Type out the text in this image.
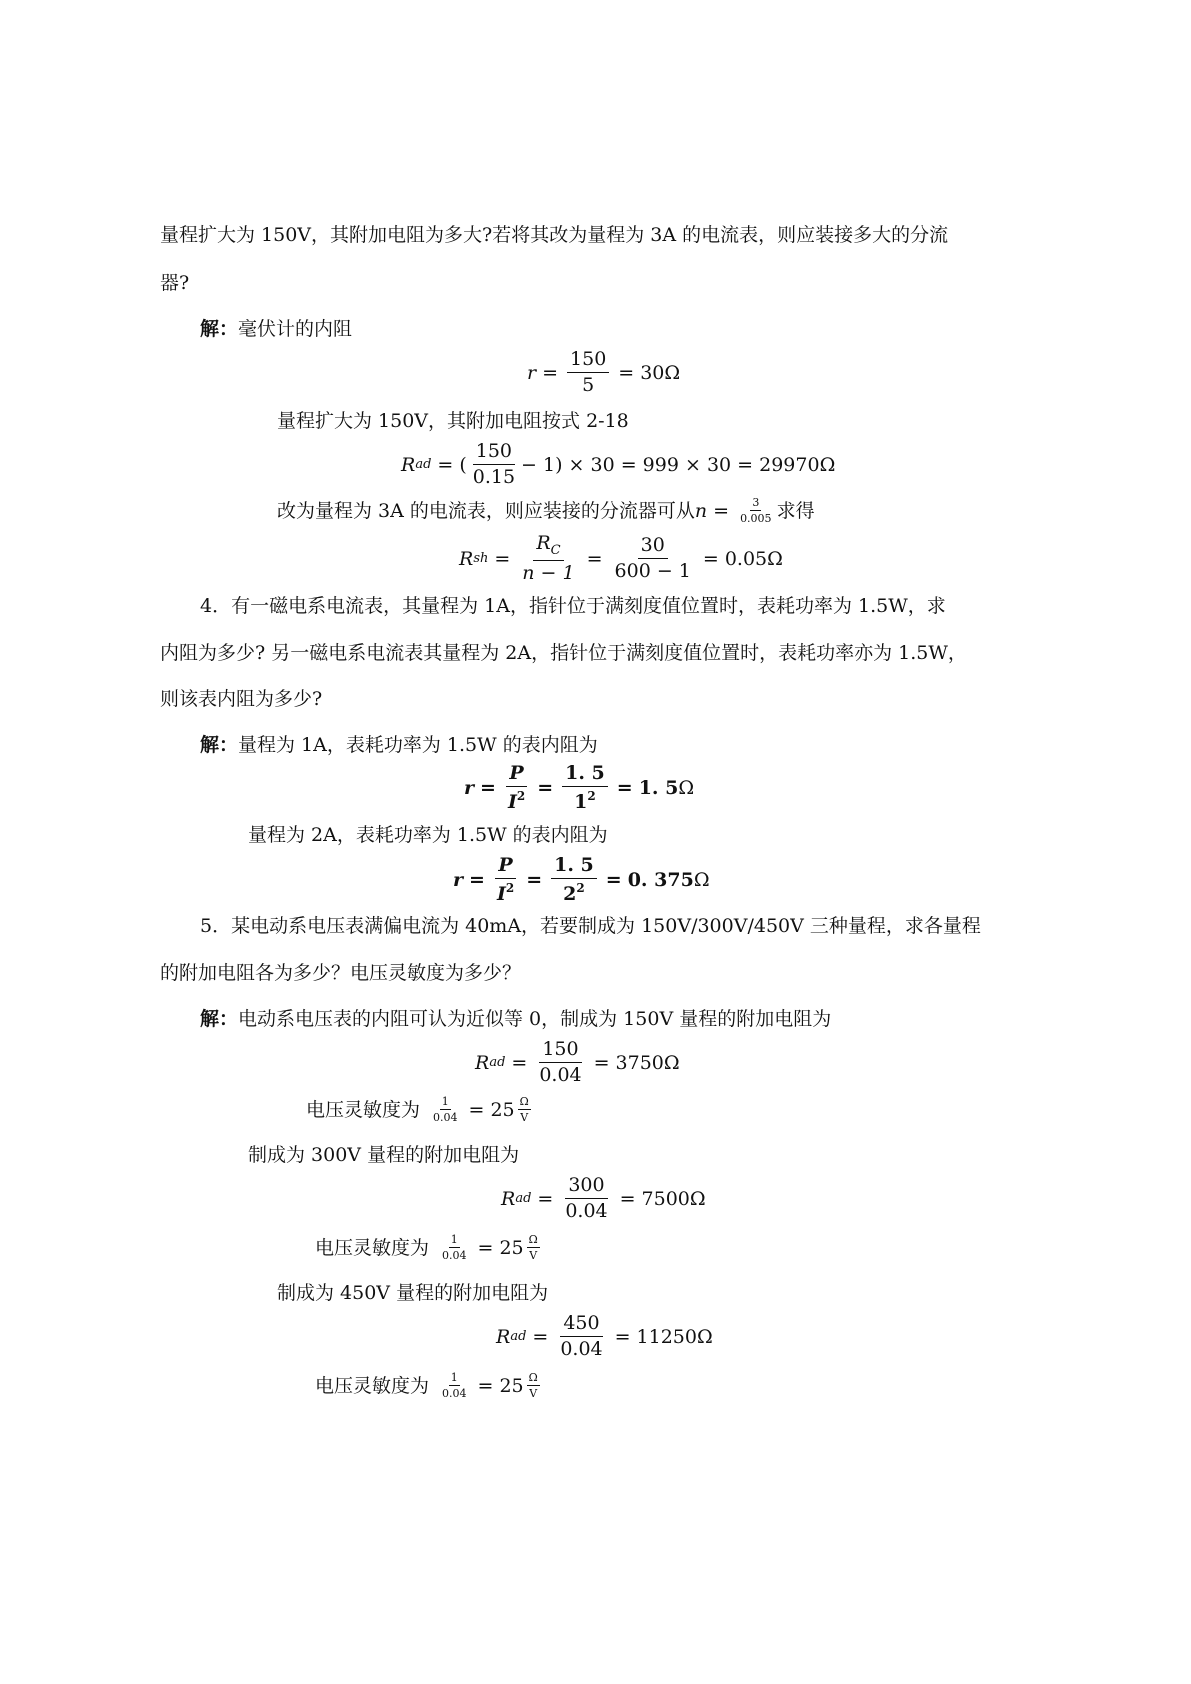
量程扩大为 150V，其附加电阻为多大?若将其改为量程为 3A 的电流表，则应装接多大的分流
器?
解：毫伏计的内阻
$r = \frac{150}{5} = 30\Omega$
量程扩大为 150V，其附加电阻按式 2-18
R ad = ( $\frac{150}{0.15} - 1) \times 30 = 999 \times 30 = 29970\Omega$
改为量程为 3A 的电流表，则应装接的分流器可从 $n = \frac{3}{0.005}$ 求得
R sh = $\frac{R_C}{n - 1} = \frac{30}{600 - 1} = 0.05\Omega$
4．有一磁电系电流表，其量程为 1A，指针位于满刻度值位置时，表耗功率为 1.5W，求
内阻为多少? 另一磁电系电流表其量程为 2A，指针位于满刻度值位置时，表耗功率亦为 1.5W，
则该表内阻为多少?
解：量程为 1A，表耗功率为 1.5W 的表内阻为
$r = \frac{P}{I^2} = \frac{1. 5}{1^2} = 1$. 5 Ω
量程为 2A，表耗功率为 1.5W 的表内阻为
$r = \frac{P}{I^2} = \frac{1. 5}{2^2} = 0$. 375 Ω
5．某电动系电压表满偏电流为 40mA，若要制成为 150V/300V/450V 三种量程，求各量程
的附加电阻各为多少？电压灵敏度为多少？
解：电动系电压表的内阻可认为近似等 0，制成为 150V 量程的附加电阻为
R ad = $\frac{150}{0.04} = 3750\Omega$
电压灵敏度为 $\frac{1}{0.04} = 25 \frac{\Omega}{V}$
制成为 300V 量程的附加电阻为
R ad = $\frac{300}{0.04} = 7500\Omega$
电压灵敏度为 $\frac{1}{0.04} = 25 \frac{\Omega}{V}$
制成为 450V 量程的附加电阻为
R ad = $\frac{450}{0.04} = 11250\Omega$
电压灵敏度为 $\frac{1}{0.04} = 25 \frac{\Omega}{V}$
